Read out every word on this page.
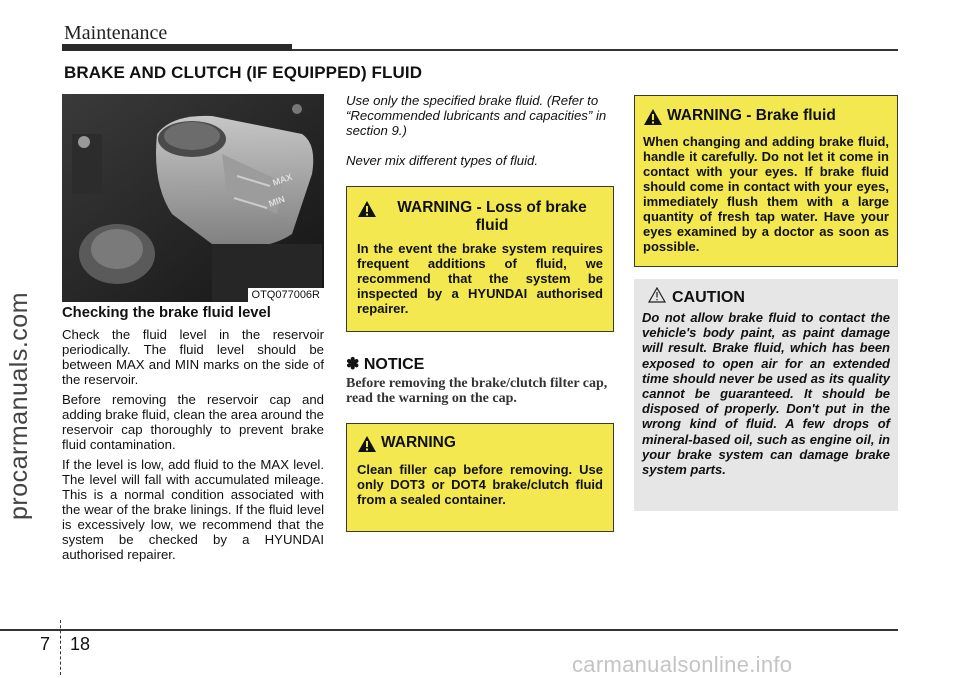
Maintenance
procarmanuals.com
BRAKE AND CLUTCH (IF EQUIPPED) FLUID
MAX
MIN
OTQ077006R
Checking the brake fluid level

Check the fluid level in the reservoir periodically. The fluid level should be between MAX and MIN marks on the side of the reservoir.

Before removing the reservoir cap and adding brake fluid, clean the area around the reservoir cap thoroughly to prevent brake fluid contamination.

If the level is low, add fluid to the MAX level. The level will fall with accumulated mileage. This is a normal condition associated with the wear of the brake linings. If the fluid level is excessively low, we recommend that the system be checked by a HYUNDAI authorised repairer.

Use only the specified brake fluid. (Refer to “Recommended lubricants and capacities” in section 9.)

Never mix different types of fluid.

WARNING - Loss of brake fluid
In the event the brake system requires frequent additions of fluid, we recommend that the system be inspected by a HYUNDAI authorised repairer.
✽ NOTICE
Before removing the brake/clutch filter cap, read the warning on the cap.
WARNING
Clean filler cap before removing. Use only DOT3 or DOT4 brake/clutch fluid from a sealed container.
WARNING - Brake fluid
When changing and adding brake fluid, handle it carefully. Do not let it come in contact with your eyes. If brake fluid should come in contact with your eyes, immediately flush them with a large quantity of fresh tap water. Have your eyes examined by a doctor as soon as possible.
CAUTION
Do not allow brake fluid to contact the vehicle's body paint, as paint damage will result. Brake fluid, which has been exposed to open air for an extended time should never be used as its quality cannot be guaranteed. It should be disposed of properly. Don't put in the wrong kind of fluid. A few drops of mineral-based oil, such as engine oil, in your brake system can damage brake system parts.
7 18
carmanualsonline.info
